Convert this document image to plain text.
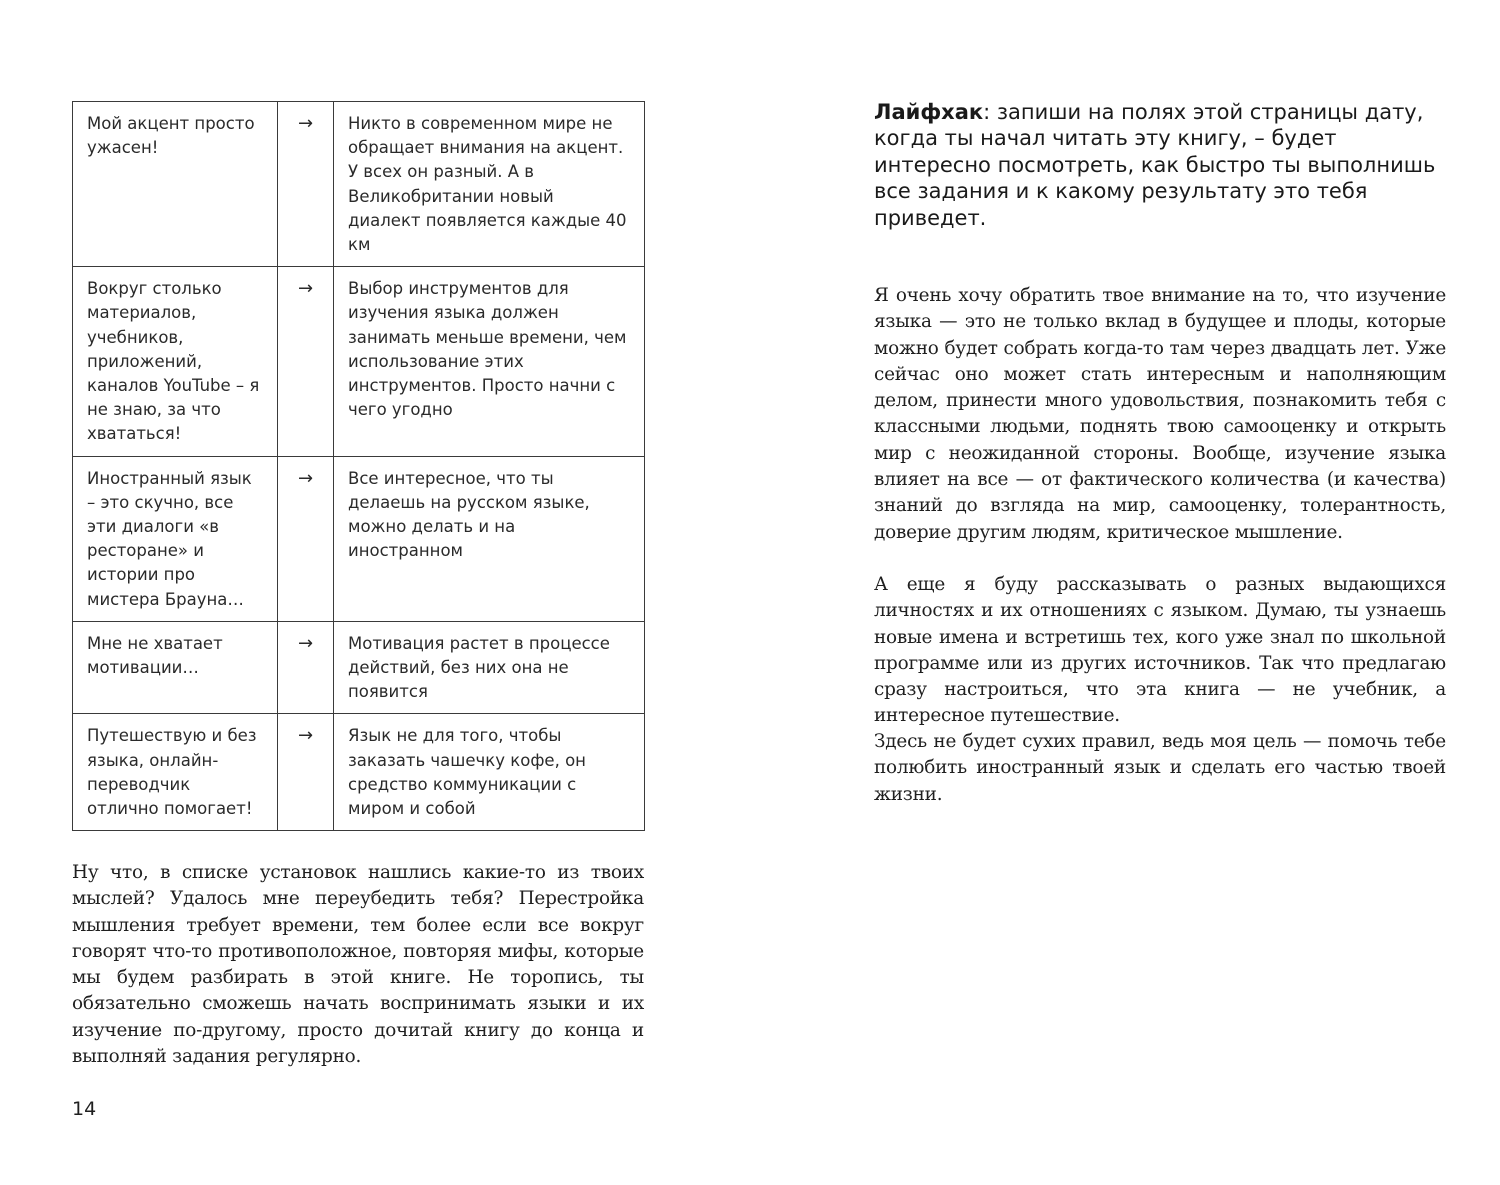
Мой акцент просто ужасен!	→	Никто в современном мире не обращает внимания на акцент. У всех он разный. А в Великобритании новый диалект появляется каждые 40 км
Вокруг столько материалов, учебников, приложений, каналов YouTube – я не знаю, за что хвататься!	→	Выбор инструментов для изучения языка должен занимать меньше времени, чем использование этих инструментов. Просто начни с чего угодно
Иностранный язык – это скучно, все эти диалоги «в ресторане» и истории про мистера Брауна…	→	Все интересное, что ты делаешь на русском языке, можно делать и на иностранном
Мне не хватает мотивации…	→	Мотивация растет в процессе действий, без них она не появится
Путешествую и без языка, онлайн-переводчик отлично помогает!	→	Язык не для того, чтобы заказать чашечку кофе, он средство коммуникации с миром и собой

Ну что, в списке установок нашлись какие-то из твоих мыслей? Удалось мне переубедить тебя? Перестройка мышления требует времени, тем более если все вокруг говорят что-то противоположное, повторяя мифы, которые мы будем разбирать в этой книге. Не торопись, ты обязательно сможешь начать воспринимать языки и их изучение по-другому, просто дочитай книгу до конца и выполняй задания регулярно.

14

Лайфхак: запиши на полях этой страницы дату, когда ты начал читать эту книгу, – будет интересно посмотреть, как быстро ты выполнишь все задания и к какому результату это тебя приведет.

Я очень хочу обратить твое внимание на то, что изучение языка — это не только вклад в будущее и плоды, которые можно будет собрать когда-то там через двадцать лет. Уже сейчас оно может стать интересным и наполняющим делом, принести много удовольствия, познакомить тебя с классными людьми, поднять твою самооценку и открыть мир с неожиданной стороны. Вообще, изучение языка влияет на все — от фактического количества (и качества) знаний до взгляда на мир, самооценку, толерантность, доверие другим людям, критическое мышление.

А еще я буду рассказывать о разных выдающихся личностях и их отношениях с языком. Думаю, ты узнаешь новые имена и встретишь тех, кого уже знал по школьной программе или из других источников. Так что предлагаю сразу настроиться, что эта книга — не учебник, а интересное путешествие.

Здесь не будет сухих правил, ведь моя цель — помочь тебе полюбить иностранный язык и сделать его частью твоей жизни.
